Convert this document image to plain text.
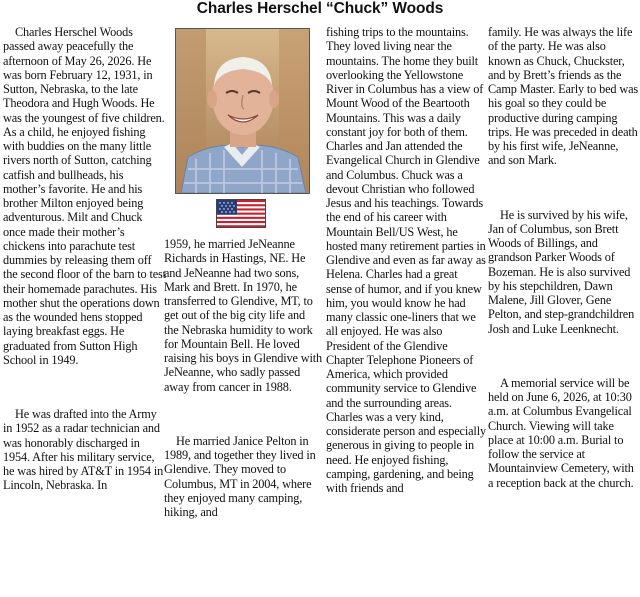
Charles Herschel “Chuck” Woods

Charles Herschel Woods passed away peacefully the afternoon of May 26, 2026. He was born February 12, 1931, in Sutton, Nebraska, to the late Theodora and Hugh Woods. He was the youngest of five children. As a child, he enjoyed fishing with buddies on the many little rivers north of Sutton, catching catfish and bullheads, his mother’s favorite. He and his brother Milton enjoyed being adventurous. Milt and Chuck once made their mother’s chickens into parachute test dummies by releasing them off the second floor of the barn to test their homemade parachutes. His mother shut the operations down as the wounded hens stopped laying breakfast eggs. He graduated from Sutton High School in 1949.

He was drafted into the Army in 1952 as a radar technician and was honorably discharged in 1954. After his military service, he was hired by AT&T in 1954 in Lincoln, Nebraska. In

1959, he married JeNeanne Richards in Hastings, NE. He and JeNeanne had two sons, Mark and Brett. In 1970, he transferred to Glendive, MT, to get out of the big city life and the Nebraska humidity to work for Mountain Bell. He loved raising his boys in Glendive with JeNeanne, who sadly passed away from cancer in 1988.

He married Janice Pelton in 1989, and together they lived in Glendive. They moved to Columbus, MT in 2004, where they enjoyed many camping, hiking, and

fishing trips to the mountains. They loved living near the mountains. The home they built overlooking the Yellowstone River in Columbus has a view of Mount Wood of the Beartooth Mountains. This was a daily constant joy for both of them. Charles and Jan attended the Evangelical Church in Glendive and Columbus. Chuck was a devout Christian who followed Jesus and his teachings. Towards the end of his career with Mountain Bell/US West, he hosted many retirement parties in Glendive and even as far away as Helena. Charles had a great sense of humor, and if you knew him, you would know he had many classic one-liners that we all enjoyed. He was also President of the Glendive Chapter Telephone Pioneers of America, which provided community service to Glendive and the surrounding areas. Charles was a very kind, considerate person and especially generous in giving to people in need. He enjoyed fishing, camping, gardening, and being with friends and

family. He was always the life of the party. He was also known as Chuck, Chuckster, and by Brett’s friends as the Camp Master. Early to bed was his goal so they could be productive during camping trips. He was preceded in death by his first wife, JeNeanne, and son Mark.

He is survived by his wife, Jan of Columbus, son Brett Woods of Billings, and grandson Parker Woods of Bozeman. He is also survived by his stepchildren, Dawn Malene, Jill Glover, Gene Pelton, and step-grandchildren Josh and Luke Leenknecht.

A memorial service will be held on June 6, 2026, at 10:30 a.m. at Columbus Evangelical Church. Viewing will take place at 10:00 a.m. Burial to follow the service at Mountainview Cemetery, with a reception back at the church.
